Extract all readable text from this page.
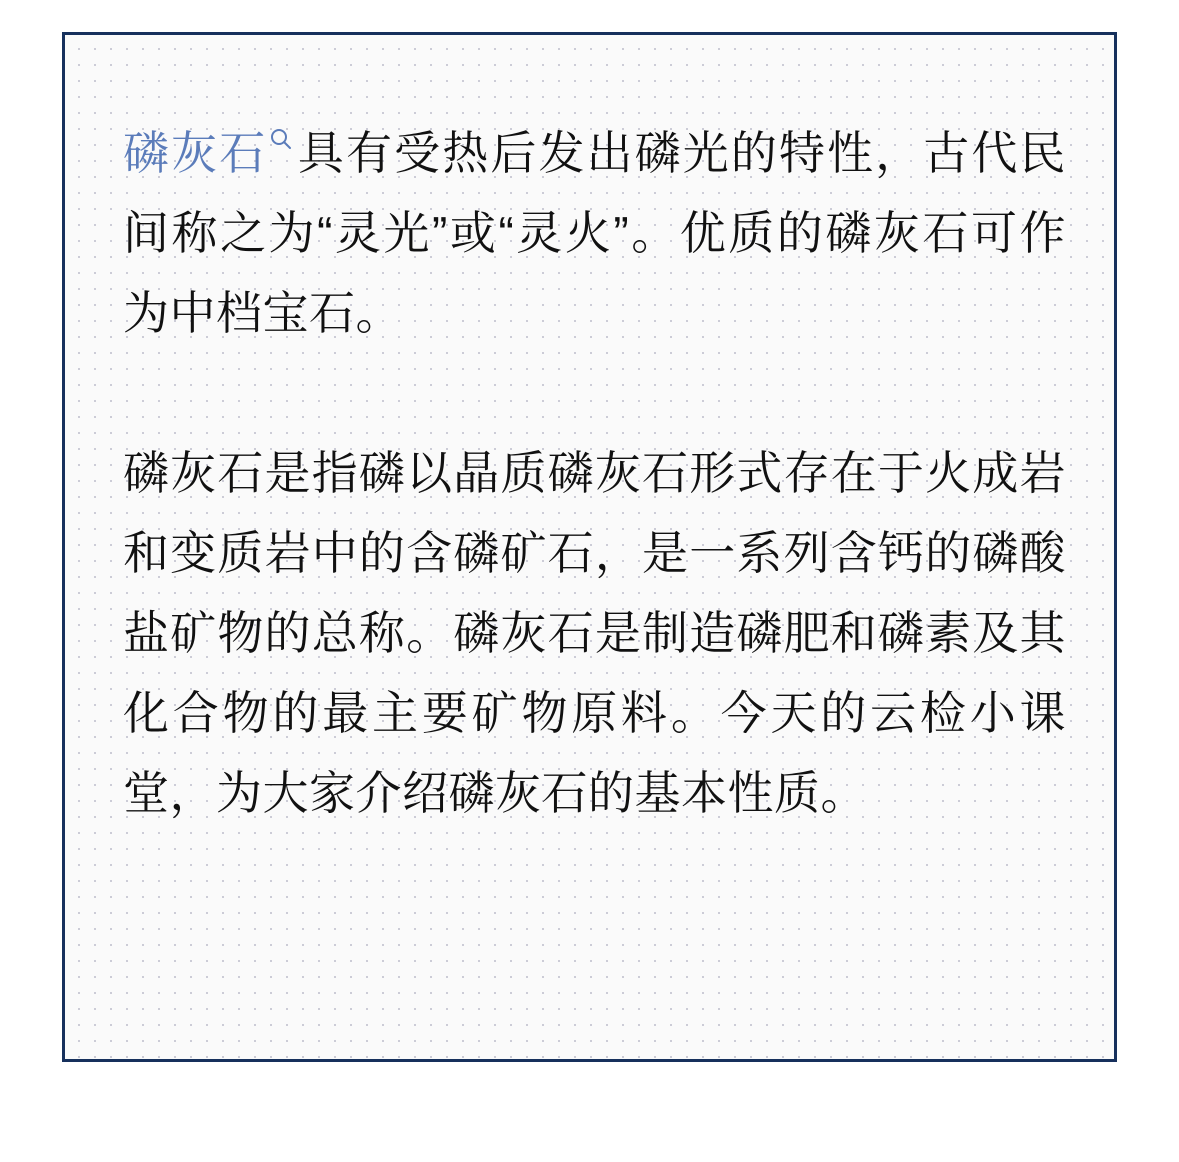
磷灰石 具有受热后发出磷光的特性，古代民间称之为“灵光”或“灵火”。优质的磷灰石可作为中档宝石。

磷灰石是指磷以晶质磷灰石形式存在于火成岩和变质岩中的含磷矿石，是一系列含钙的磷酸盐矿物的总称。磷灰石是制造磷肥和磷素及其化合物的最主要矿物原料。今天的云检小课堂，为大家介绍磷灰石的基本性质。
